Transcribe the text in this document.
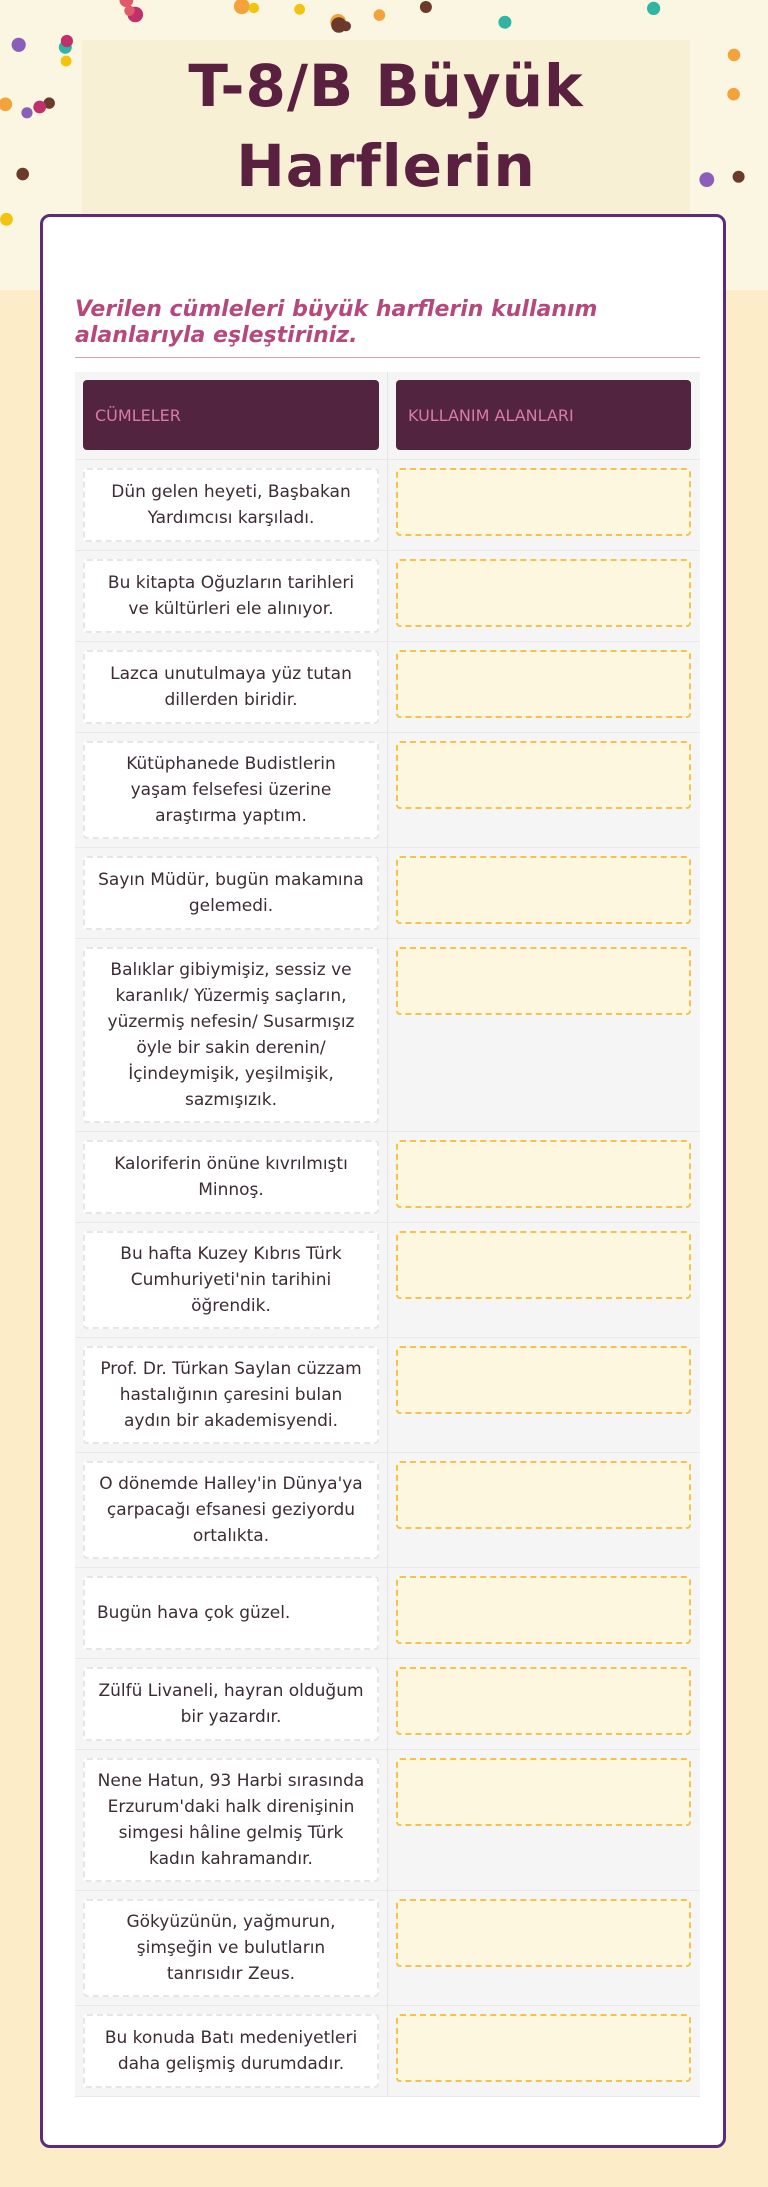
T-8/B Büyük Harflerin
Verilen cümleleri büyük harflerin kullanım alanlarıyla eşleştiriniz.
CÜMLELER	KULLANIM ALANLARI
Dün gelen heyeti, Başbakan Yardımcısı karşıladı.
Bu kitapta Oğuzların tarihleri ve kültürleri ele alınıyor.
Lazca unutulmaya yüz tutan dillerden biridir.
Kütüphanede Budistlerin yaşam felsefesi üzerine araştırma yaptım.
Sayın Müdür, bugün makamına gelemedi.
Balıklar gibiymişiz, sessiz ve karanlık/ Yüzermiş saçların, yüzermiş nefesin/ Susarmışız öyle bir sakin derenin/ İçindeymişik, yeşilmişik, sazmışızık.
Kaloriferin önüne kıvrılmıştı Minnoş.
Bu hafta Kuzey Kıbrıs Türk Cumhuriyeti'nin tarihini öğrendik.
Prof. Dr. Türkan Saylan cüzzam hastalığının çaresini bulan aydın bir akademisyendi.
O dönemde Halley'in Dünya'ya çarpacağı efsanesi geziyordu ortalıkta.
Bugün hava çok güzel.
Zülfü Livaneli, hayran olduğum bir yazardır.
Nene Hatun, 93 Harbi sırasında Erzurum'daki halk direnişinin simgesi hâline gelmiş Türk kadın kahramandır.
Gökyüzünün, yağmurun, şimşeğin ve bulutların tanrısıdır Zeus.
Bu konuda Batı medeniyetleri daha gelişmiş durumdadır.
